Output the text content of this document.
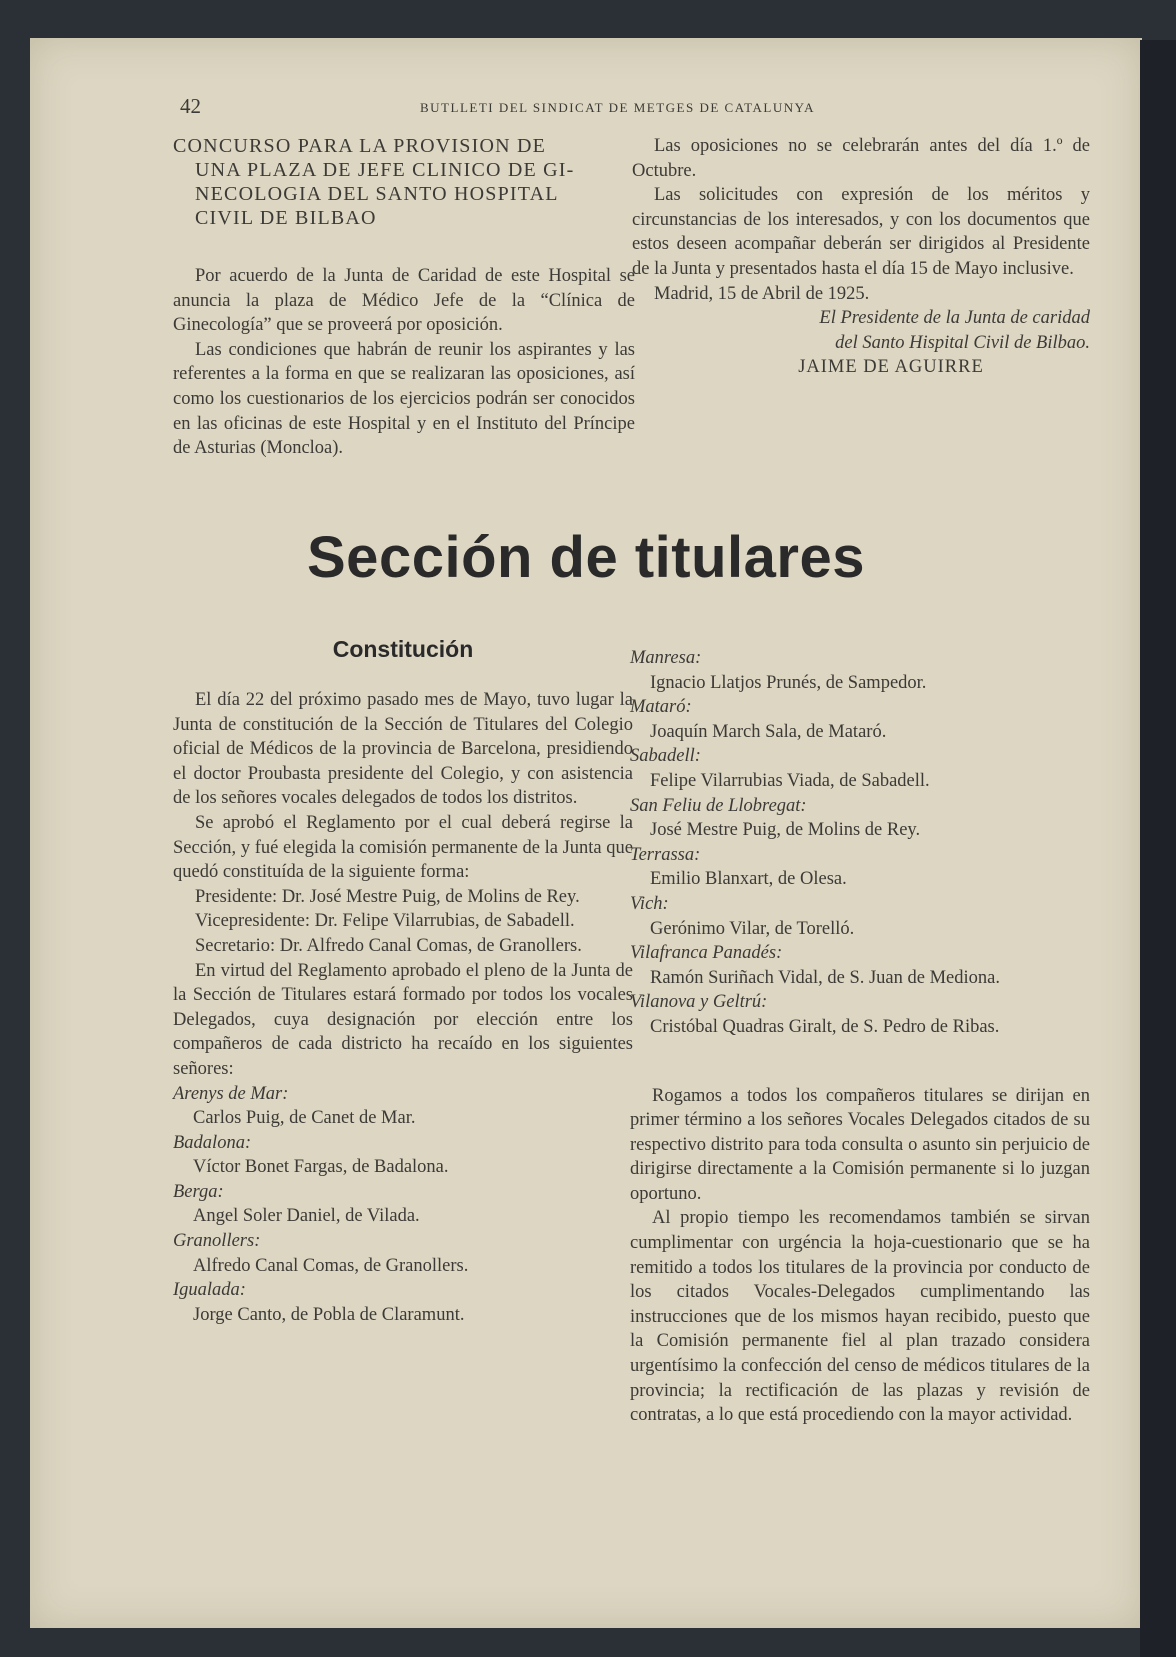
42	BUTLLETI DEL SINDICAT DE METGES DE CATALUNYA
CONCURSO PARA LA PROVISION DE
UNA PLAZA DE JEFE CLINICO DE GI-
NECOLOGIA DEL SANTO HOSPITAL
CIVIL DE BILBAO

Por acuerdo de la Junta de Caridad de este Hospital se anuncia la plaza de Médico Jefe de la “Clínica de Ginecología” que se proveerá por oposición.

Las condiciones que habrán de reunir los aspirantes y las referentes a la forma en que se realizaran las oposiciones, así como los cuestionarios de los ejercicios podrán ser conocidos en las oficinas de este Hospital y en el Instituto del Príncipe de Asturias (Moncloa).

Las oposiciones no se celebrarán antes del día 1.º de Octubre.

Las solicitudes con expresión de los méritos y circunstancias de los interesados, y con los documentos que estos deseen acompañar deberán ser dirigidos al Presidente de la Junta y presentados hasta el día 15 de Mayo inclusive.

Madrid, 15 de Abril de 1925.

El Presidente de la Junta de caridad
del Santo Hispital Civil de Bilbao.
JAIME DE AGUIRRE
Sección de titulares
Constitución

El día 22 del próximo pasado mes de Mayo, tuvo lugar la Junta de constitución de la Sección de Titulares del Colegio oficial de Médicos de la provincia de Barcelona, presidiendo el doctor Proubasta presidente del Colegio, y con asistencia de los señores vocales delegados de todos los distritos.

Se aprobó el Reglamento por el cual deberá regirse la Sección, y fué elegida la comisión permanente de la Junta que quedó constituída de la siguiente forma:

Presidente: Dr. José Mestre Puig, de Molins de Rey.

Vicepresidente: Dr. Felipe Vilarrubias, de Sabadell.

Secretario: Dr. Alfredo Canal Comas, de Granollers.

En virtud del Reglamento aprobado el pleno de la Junta de la Sección de Titulares estará formado por todos los vocales Delegados, cuya designación por elección entre los compañeros de cada districto ha recaído en los siguientes señores:

Arenys de Mar:
Carlos Puig, de Canet de Mar.
Badalona:
Víctor Bonet Fargas, de Badalona.
Berga:
Angel Soler Daniel, de Vilada.
Granollers:
Alfredo Canal Comas, de Granollers.
Igualada:
Jorge Canto, de Pobla de Claramunt.
Manresa:
Ignacio Llatjos Prunés, de Sampedor.
Mataró:
Joaquín March Sala, de Mataró.
Sabadell:
Felipe Vilarrubias Viada, de Sabadell.
San Feliu de Llobregat:
José Mestre Puig, de Molins de Rey.
Terrassa:
Emilio Blanxart, de Olesa.
Vich:
Gerónimo Vilar, de Torelló.
Vilafranca Panadés:
Ramón Suriñach Vidal, de S. Juan de Mediona.
Vilanova y Geltrú:
Cristóbal Quadras Giralt, de S. Pedro de Ribas.

Rogamos a todos los compañeros titulares se dirijan en primer término a los señores Vocales Delegados citados de su respectivo distrito para toda consulta o asunto sin perjuicio de dirigirse directamente a la Comisión permanente si lo juzgan oportuno.

Al propio tiempo les recomendamos también se sirvan cumplimentar con urgéncia la hoja-cuestionario que se ha remitido a todos los titulares de la provincia por conducto de los citados Vocales-Delegados cumplimentando las instrucciones que de los mismos hayan recibido, puesto que la Comisión permanente fiel al plan trazado considera urgentísimo la confección del censo de médicos titulares de la provincia; la rectificación de las plazas y revisión de contratas, a lo que está procediendo con la mayor actividad.
